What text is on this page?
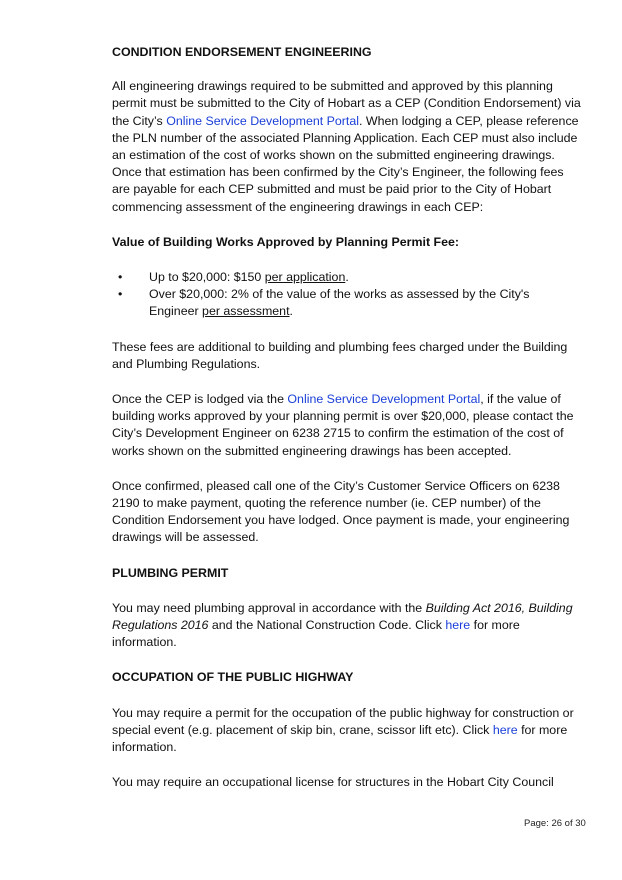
CONDITION ENDORSEMENT ENGINEERING

All engineering drawings required to be submitted and approved by this planning permit must be submitted to the City of Hobart as a CEP (Condition Endorsement) via the City’s Online Service Development Portal. When lodging a CEP, please reference the PLN number of the associated Planning Application. Each CEP must also include an estimation of the cost of works shown on the submitted engineering drawings. Once that estimation has been confirmed by the City’s Engineer, the following fees are payable for each CEP submitted and must be paid prior to the City of Hobart commencing assessment of the engineering drawings in each CEP:

Value of Building Works Approved by Planning Permit Fee:

• Up to $20,000: $150 per application.
• Over $20,000: 2% of the value of the works as assessed by the City's Engineer per assessment.

These fees are additional to building and plumbing fees charged under the Building and Plumbing Regulations.

Once the CEP is lodged via the Online Service Development Portal, if the value of building works approved by your planning permit is over $20,000, please contact the City’s Development Engineer on 6238 2715 to confirm the estimation of the cost of works shown on the submitted engineering drawings has been accepted.

Once confirmed, pleased call one of the City’s Customer Service Officers on 6238 2190 to make payment, quoting the reference number (ie. CEP number) of the Condition Endorsement you have lodged. Once payment is made, your engineering drawings will be assessed.

PLUMBING PERMIT

You may need plumbing approval in accordance with the Building Act 2016, Building Regulations 2016 and the National Construction Code. Click here for more information.

OCCUPATION OF THE PUBLIC HIGHWAY

You may require a permit for the occupation of the public highway for construction or special event (e.g. placement of skip bin, crane, scissor lift etc). Click here for more information.

You may require an occupational license for structures in the Hobart City Council

Page: 26 of 30
